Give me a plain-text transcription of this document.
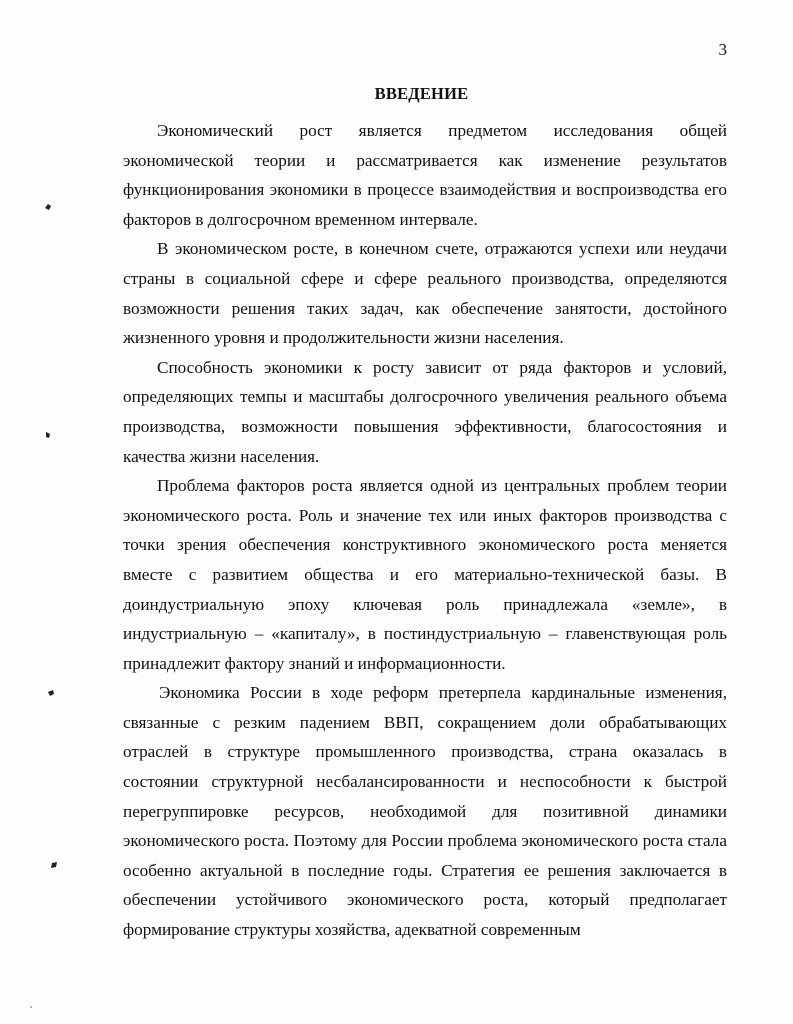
3
ВВЕДЕНИЕ

Экономический рост является предметом исследования общей экономической теории и рассматривается как изменение результатов функционирования экономики в процессе взаимодействия и воспроизводства его факторов в долгосрочном временном интервале.

В экономическом росте, в конечном счете, отражаются успехи или неудачи страны в социальной сфере и сфере реального производства, определяются возможности решения таких задач, как обеспечение занятости, достойного жизненного уровня и продолжительности жизни населения.

Способность экономики к росту зависит от ряда факторов и условий, определяющих темпы и масштабы долгосрочного увеличения реального объема производства, возможности повышения эффективности, благосостояния и качества жизни населения.

Проблема факторов роста является одной из центральных проблем теории экономического роста. Роль и значение тех или иных факторов производства с точки зрения обеспечения конструктивного экономического роста меняется вместе с развитием общества и его материально-технической базы. В доиндустриальную эпоху ключевая роль принадлежала «земле», в индустриальную – «капиталу», в постиндустриальную – главенствующая роль принадлежит фактору знаний и информационности.

Экономика России в ходе реформ претерпела кардинальные изменения, связанные с резким падением ВВП, сокращением доли обрабатывающих отраслей в структуре промышленного производства, страна оказалась в состоянии структурной несбалансированности и неспособности к быстрой перегруппировке ресурсов, необходимой для позитивной динамики экономического роста. Поэтому для России проблема экономического роста стала особенно актуальной в последние годы. Стратегия ее решения заключается в обеспечении устойчивого экономического роста, который предполагает формирование структуры хозяйства, адекватной современным
